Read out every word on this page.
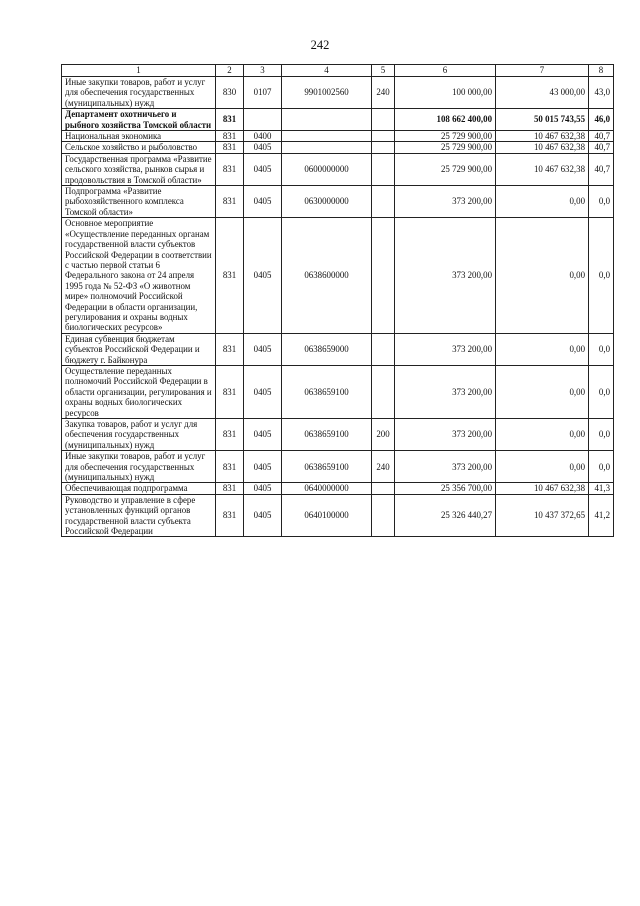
242
1	2	3	4	5	6	7	8
Иные закупки товаров, работ и услуг для обеспечения государственных (муниципальных) нужд	830	0107	9901002560	240	100 000,00	43 000,00	43,0
Департамент охотничьего и рыбного хозяйства Томской области	831				108 662 400,00	50 015 743,55	46,0
Национальная экономика	831	0400			25 729 900,00	10 467 632,38	40,7
Сельское хозяйство и рыболовство	831	0405			25 729 900,00	10 467 632,38	40,7
Государственная программа «Развитие сельского хозяйства, рынков сырья и продовольствия в Томской области»	831	0405	0600000000		25 729 900,00	10 467 632,38	40,7
Подпрограмма «Развитие рыбохозяйственного комплекса Томской области»	831	0405	0630000000		373 200,00	0,00	0,0
Основное мероприятие «Осуществление переданных органам государственной власти субъектов Российской Федерации в соответствии с частью первой статьи 6 Федерального закона от 24 апреля 1995 года № 52-ФЗ «О животном мире» полномочий Российской Федерации в области организации, регулирования и охраны водных биологических ресурсов»	831	0405	0638600000		373 200,00	0,00	0,0
Единая субвенция бюджетам субъектов Российской Федерации и бюджету г. Байконура	831	0405	0638659000		373 200,00	0,00	0,0
Осуществление переданных полномочий Российской Федерации в области организации, регулирования и охраны водных биологических ресурсов	831	0405	0638659100		373 200,00	0,00	0,0
Закупка товаров, работ и услуг для обеспечения государственных (муниципальных) нужд	831	0405	0638659100	200	373 200,00	0,00	0,0
Иные закупки товаров, работ и услуг для обеспечения государственных (муниципальных) нужд	831	0405	0638659100	240	373 200,00	0,00	0,0
Обеспечивающая подпрограмма	831	0405	0640000000		25 356 700,00	10 467 632,38	41,3
Руководство и управление в сфере установленных функций органов государственной власти субъекта Российской Федерации	831	0405	0640100000		25 326 440,27	10 437 372,65	41,2
